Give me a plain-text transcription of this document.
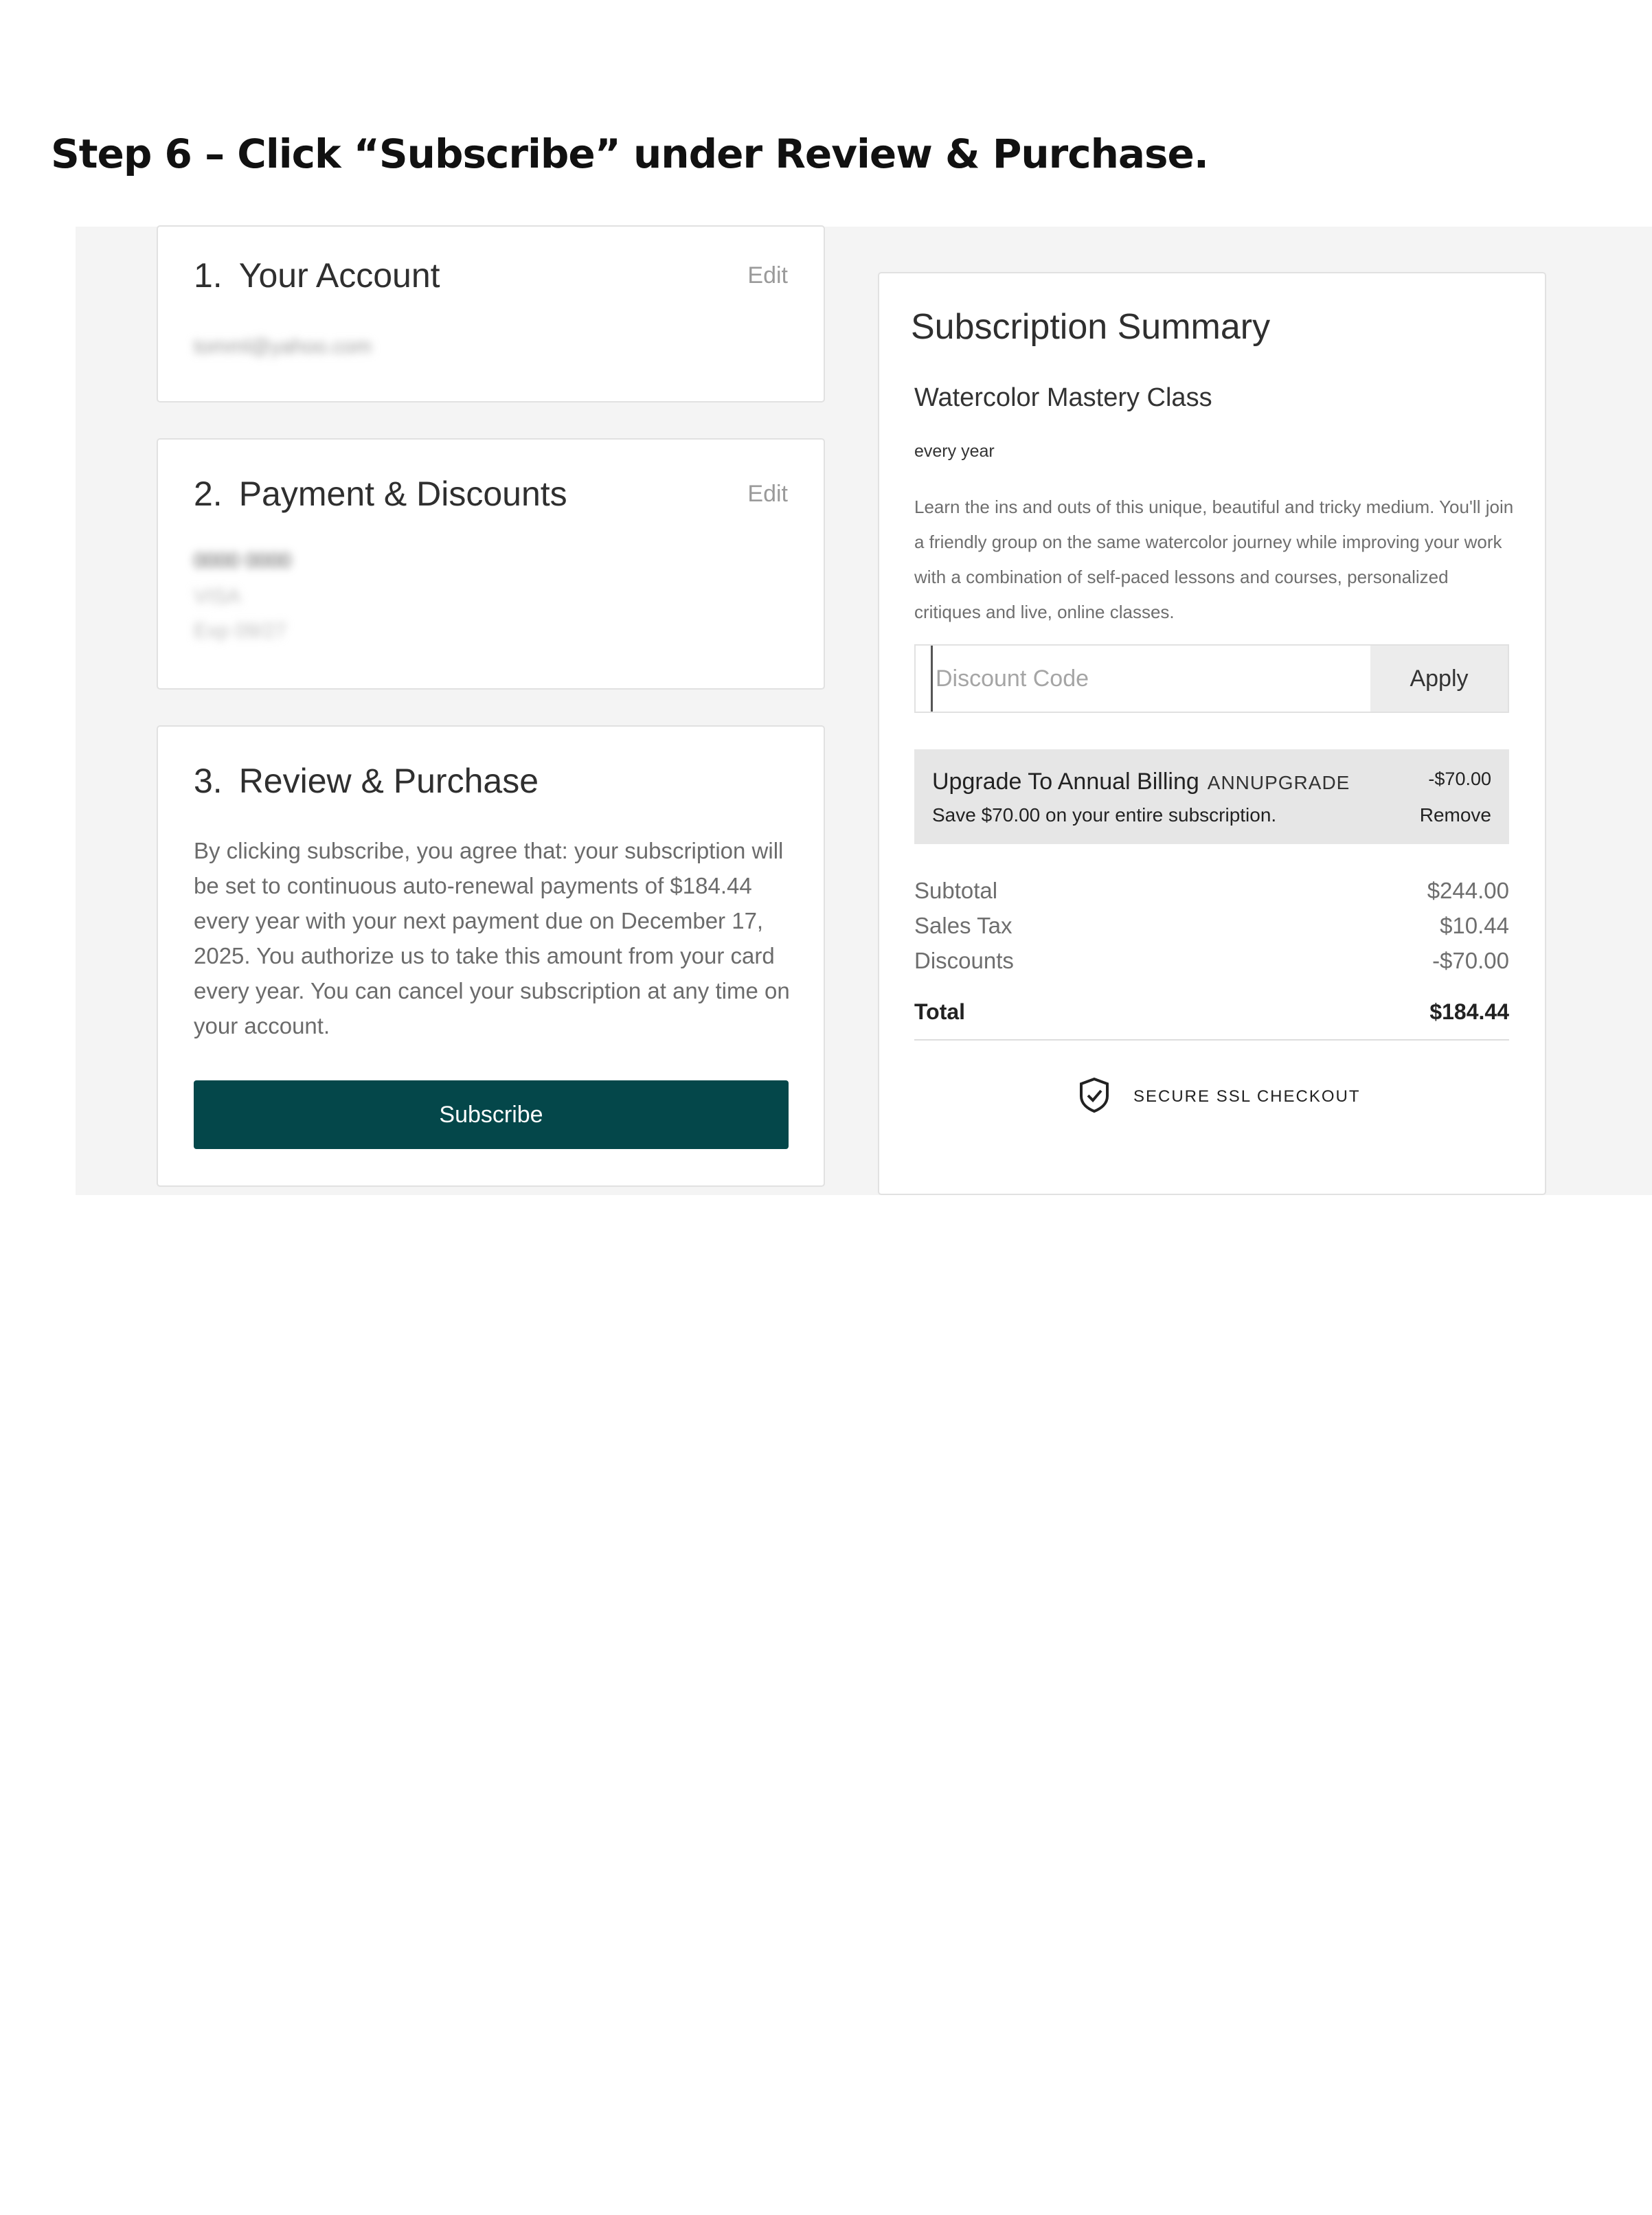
Step 6 – Click “Subscribe” under Review & Purchase.
1. Your Account	Edit
tomml@yahoo.com
2. Payment & Discounts	Edit
0000 0000
VISA
Exp 09/27
3. Review & Purchase
By clicking subscribe, you agree that: your subscription will be set to continuous auto-renewal payments of $184.44 every year with your next payment due on December 17, 2025. You authorize us to take this amount from your card every year. You can cancel your subscription at any time on your account.
Subscribe
Subscription Summary
Watercolor Mastery Class
every year
Learn the ins and outs of this unique, beautiful and tricky medium. You'll join a friendly group on the same watercolor journey while improving your work with a combination of self-paced lessons and courses, personalized critiques and live, online classes.
Discount Code
Apply
Upgrade To Annual Billing ANNUPGRADE
Save $70.00 on your entire subscription.
-$70.00
Remove
Subtotal	$244.00
Sales Tax	$10.44
Discounts	-$70.00
Total	$184.44
SECURE SSL CHECKOUT
